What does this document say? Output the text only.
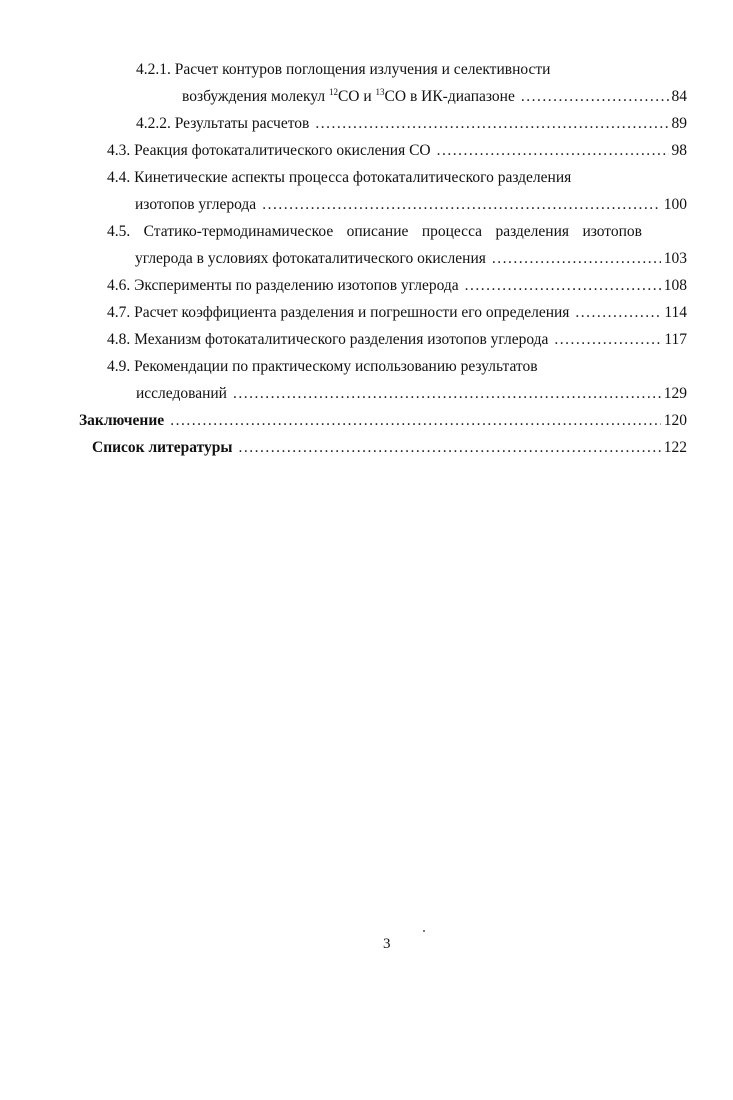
4.2.1. Расчет контуров поглощения излучения и селективности
возбуждения молекул $^{12}$СО и $^{13}$СО в ИК-диапазоне .....	84
4.2.2. Результаты расчетов .....	89
4.3. Реакция фотокаталитического окисления СО .....	98
4.4. Кинетические аспекты процесса фотокаталитического разделения
изотопов углерода .....	100
4.5. Статико-термодинамическое описание процесса разделения изотопов
углерода в условиях фотокаталитического окисления .....	103
4.6. Эксперименты по разделению изотопов углерода .....	108
4.7. Расчет коэффициента разделения и погрешности его определения .....	114
4.8. Механизм фотокаталитического разделения изотопов углерода .....	117
4.9. Рекомендации по практическому использованию результатов
исследований .....	129
Заключение .....	120
Список литературы .....	122
3
